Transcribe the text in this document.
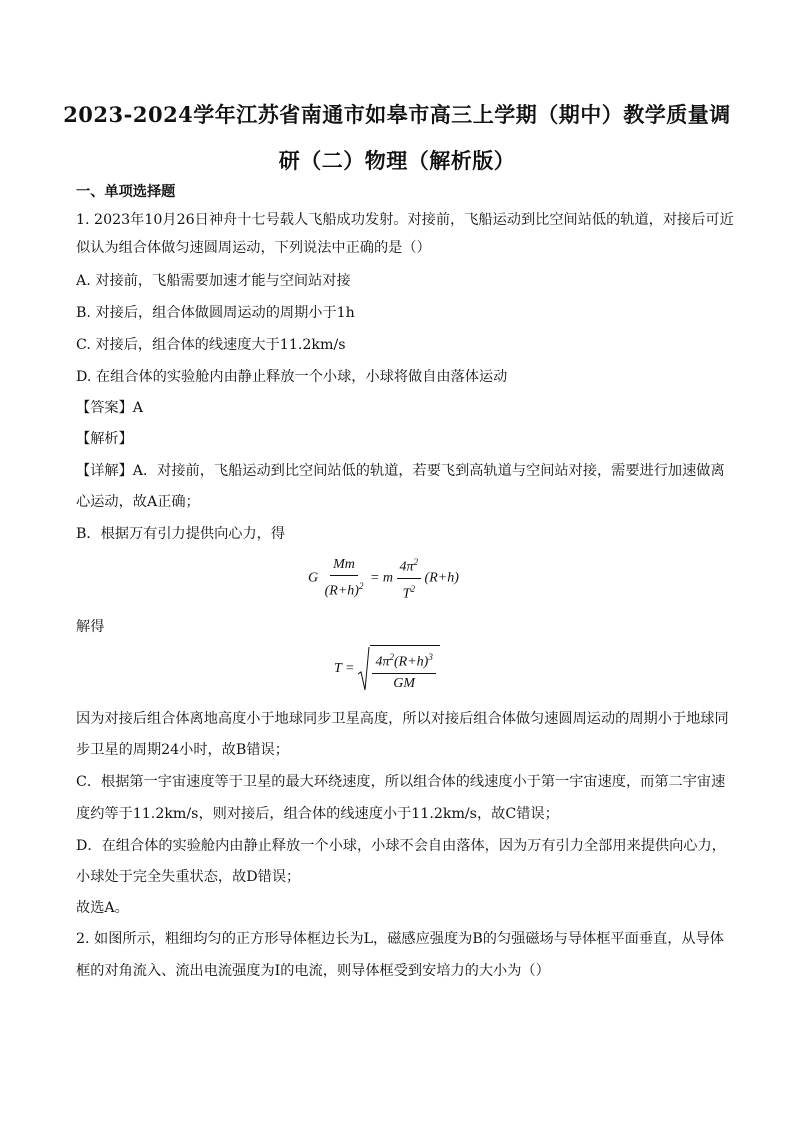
2023-2024学年江苏省南通市如皋市高三上学期（期中）教学质量调
研（二）物理（解析版）
一、单项选择题
1. 2023年10月26日神舟十七号载人飞船成功发射。对接前，飞船运动到比空间站低的轨道，对接后可近
似认为组合体做匀速圆周运动，下列说法中正确的是（）
A. 对接前，飞船需要加速才能与空间站对接
B. 对接后，组合体做圆周运动的周期小于1h
C. 对接后，组合体的线速度大于11.2km/s
D. 在组合体的实验舱内由静止释放一个小球，小球将做自由落体运动
【答案】A
【解析】
【详解】A．对接前，飞船运动到比空间站低的轨道，若要飞到高轨道与空间站对接，需要进行加速做离
心运动，故A正确；
B．根据万有引力提供向心力，得
G $\frac{Mm}{(R+h)^2} = m \frac{4\pi^2}{T^2} (R+h)$
解得
$T = \frac{4\pi^2(R+h)^3}{GM}$
因为对接后组合体离地高度小于地球同步卫星高度，所以对接后组合体做匀速圆周运动的周期小于地球同
步卫星的周期24小时，故B错误；
C．根据第一宇宙速度等于卫星的最大环绕速度，所以组合体的线速度小于第一宇宙速度，而第二宇宙速
度约等于11.2km/s，则对接后，组合体的线速度小于11.2km/s，故C错误；
D．在组合体的实验舱内由静止释放一个小球，小球不会自由落体，因为万有引力全部用来提供向心力，
小球处于完全失重状态，故D错误；
故选A。
2. 如图所示，粗细均匀的正方形导体框边长为L，磁感应强度为B的匀强磁场与导体框平面垂直，从导体
框的对角流入、流出电流强度为I的电流，则导体框受到安培力的大小为（）
